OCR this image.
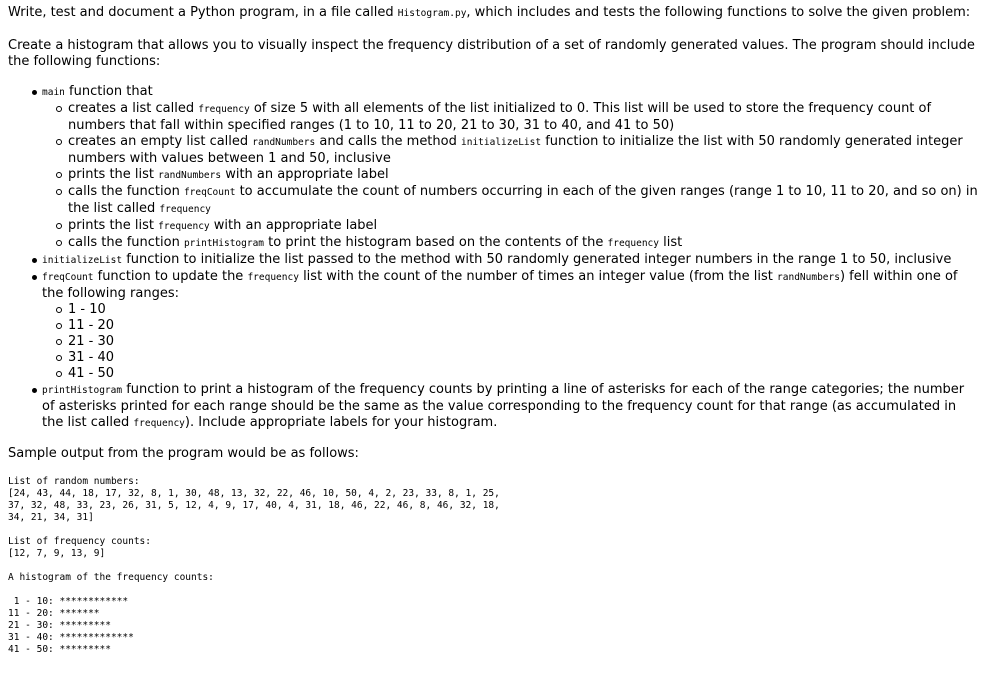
Write, test and document a Python program, in a file called Histogram.py, which includes and tests the following functions to solve the given problem:

Create a histogram that allows you to visually inspect the frequency distribution of a set of randomly generated values. The program should include the following functions:

main function that
creates a list called frequency of size 5 with all elements of the list initialized to 0. This list will be used to store the frequency count of numbers that fall within specified ranges (1 to 10, 11 to 20, 21 to 30, 31 to 40, and 41 to 50)
creates an empty list called randNumbers and calls the method initializeList function to initialize the list with 50 randomly generated integer numbers with values between 1 and 50, inclusive
prints the list randNumbers with an appropriate label
calls the function freqCount to accumulate the count of numbers occurring in each of the given ranges (range 1 to 10, 11 to 20, and so on) in the list called frequency
prints the list frequency with an appropriate label
calls the function printHistogram to print the histogram based on the contents of the frequency list
initializeList function to initialize the list passed to the method with 50 randomly generated integer numbers in the range 1 to 50, inclusive
freqCount function to update the frequency list with the count of the number of times an integer value (from the list randNumbers) fell within one of the following ranges:
1 - 10
11 - 20
21 - 30
31 - 40
41 - 50
printHistogram function to print a histogram of the frequency counts by printing a line of asterisks for each of the range categories; the number of asterisks printed for each range should be the same as the value corresponding to the frequency count for that range (as accumulated in the list called frequency). Include appropriate labels for your histogram.

Sample output from the program would be as follows:

List of random numbers:
[24, 43, 44, 18, 17, 32, 8, 1, 30, 48, 13, 32, 22, 46, 10, 50, 4, 2, 23, 33, 8, 1, 25,
37, 32, 48, 33, 23, 26, 31, 5, 12, 4, 9, 17, 40, 4, 31, 18, 46, 22, 46, 8, 46, 32, 18,
34, 21, 34, 31]
List of frequency counts:
[12, 7, 9, 13, 9]
A histogram of the frequency counts:
1 - 10: ************
11 - 20: *******
21 - 30: *********
31 - 40: *************
41 - 50: *********
